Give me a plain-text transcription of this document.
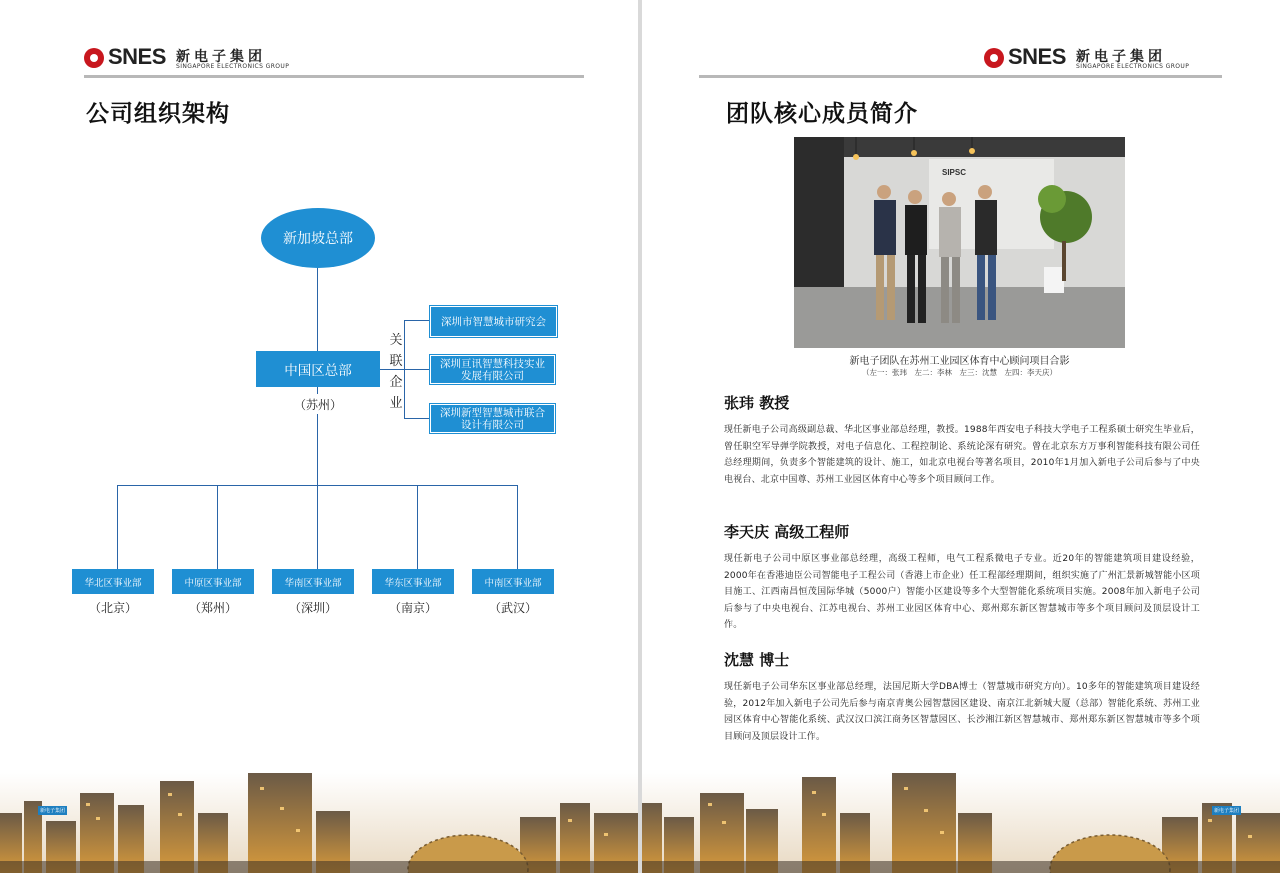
SNES 新电子集团
SINGAPORE ELECTRONICS GROUP
公司组织架构
新加坡总部
中国区总部
（苏州）
关联企业
深圳市智慧城市研究会
深圳亘讯智慧科技实业发展有限公司
深圳新型智慧城市联合设计有限公司
华北区事业部	中原区事业部	华南区事业部	华东区事业部	中南区事业部
（北京）	（郑州）	（深圳）	（南京）	（武汉）
新电子集团
SNES 新电子集团
SINGAPORE ELECTRONICS GROUP
团队核心成员简介
SIPSC
新电子团队在苏州工业园区体育中心顾问项目合影
（左一：张玮　左二：李林　左三：沈慧　左四：李天庆）
张玮 教授
现任新电子公司高级副总裁、华北区事业部总经理，教授。1988年西安电子科技大学电子工程系硕士研究生毕业后，曾任职空军导弹学院教授，对电子信息化、工程控制论、系统论深有研究。曾在北京东方万事利智能科技有限公司任总经理期间，负责多个智能建筑的设计、施工，如北京电视台等著名项目，2010年1月加入新电子公司后参与了中央电视台、北京中国尊、苏州工业园区体育中心等多个项目顾问工作。
李天庆 高级工程师
现任新电子公司中原区事业部总经理，高级工程师，电气工程系微电子专业。近20年的智能建筑项目建设经验，2000年在香港迪臣公司智能电子工程公司（香港上市企业）任工程部经理期间，组织实施了广州汇景新城智能小区项目施工、江西南昌恒茂国际华城（5000户）智能小区建设等多个大型智能化系统项目实施。2008年加入新电子公司后参与了中央电视台、江苏电视台、苏州工业园区体育中心、郑州郑东新区智慧城市等多个项目顾问及顶层设计工作。
沈慧 博士
现任新电子公司华东区事业部总经理，法国尼斯大学DBA博士（智慧城市研究方向）。10多年的智能建筑项目建设经验，2012年加入新电子公司先后参与南京青奥公园智慧园区建设、南京江北新城大厦（总部）智能化系统、苏州工业园区体育中心智能化系统、武汉汉口滨江商务区智慧园区、长沙湘江新区智慧城市、郑州郑东新区智慧城市等多个项目顾问及顶层设计工作。
新电子集团
